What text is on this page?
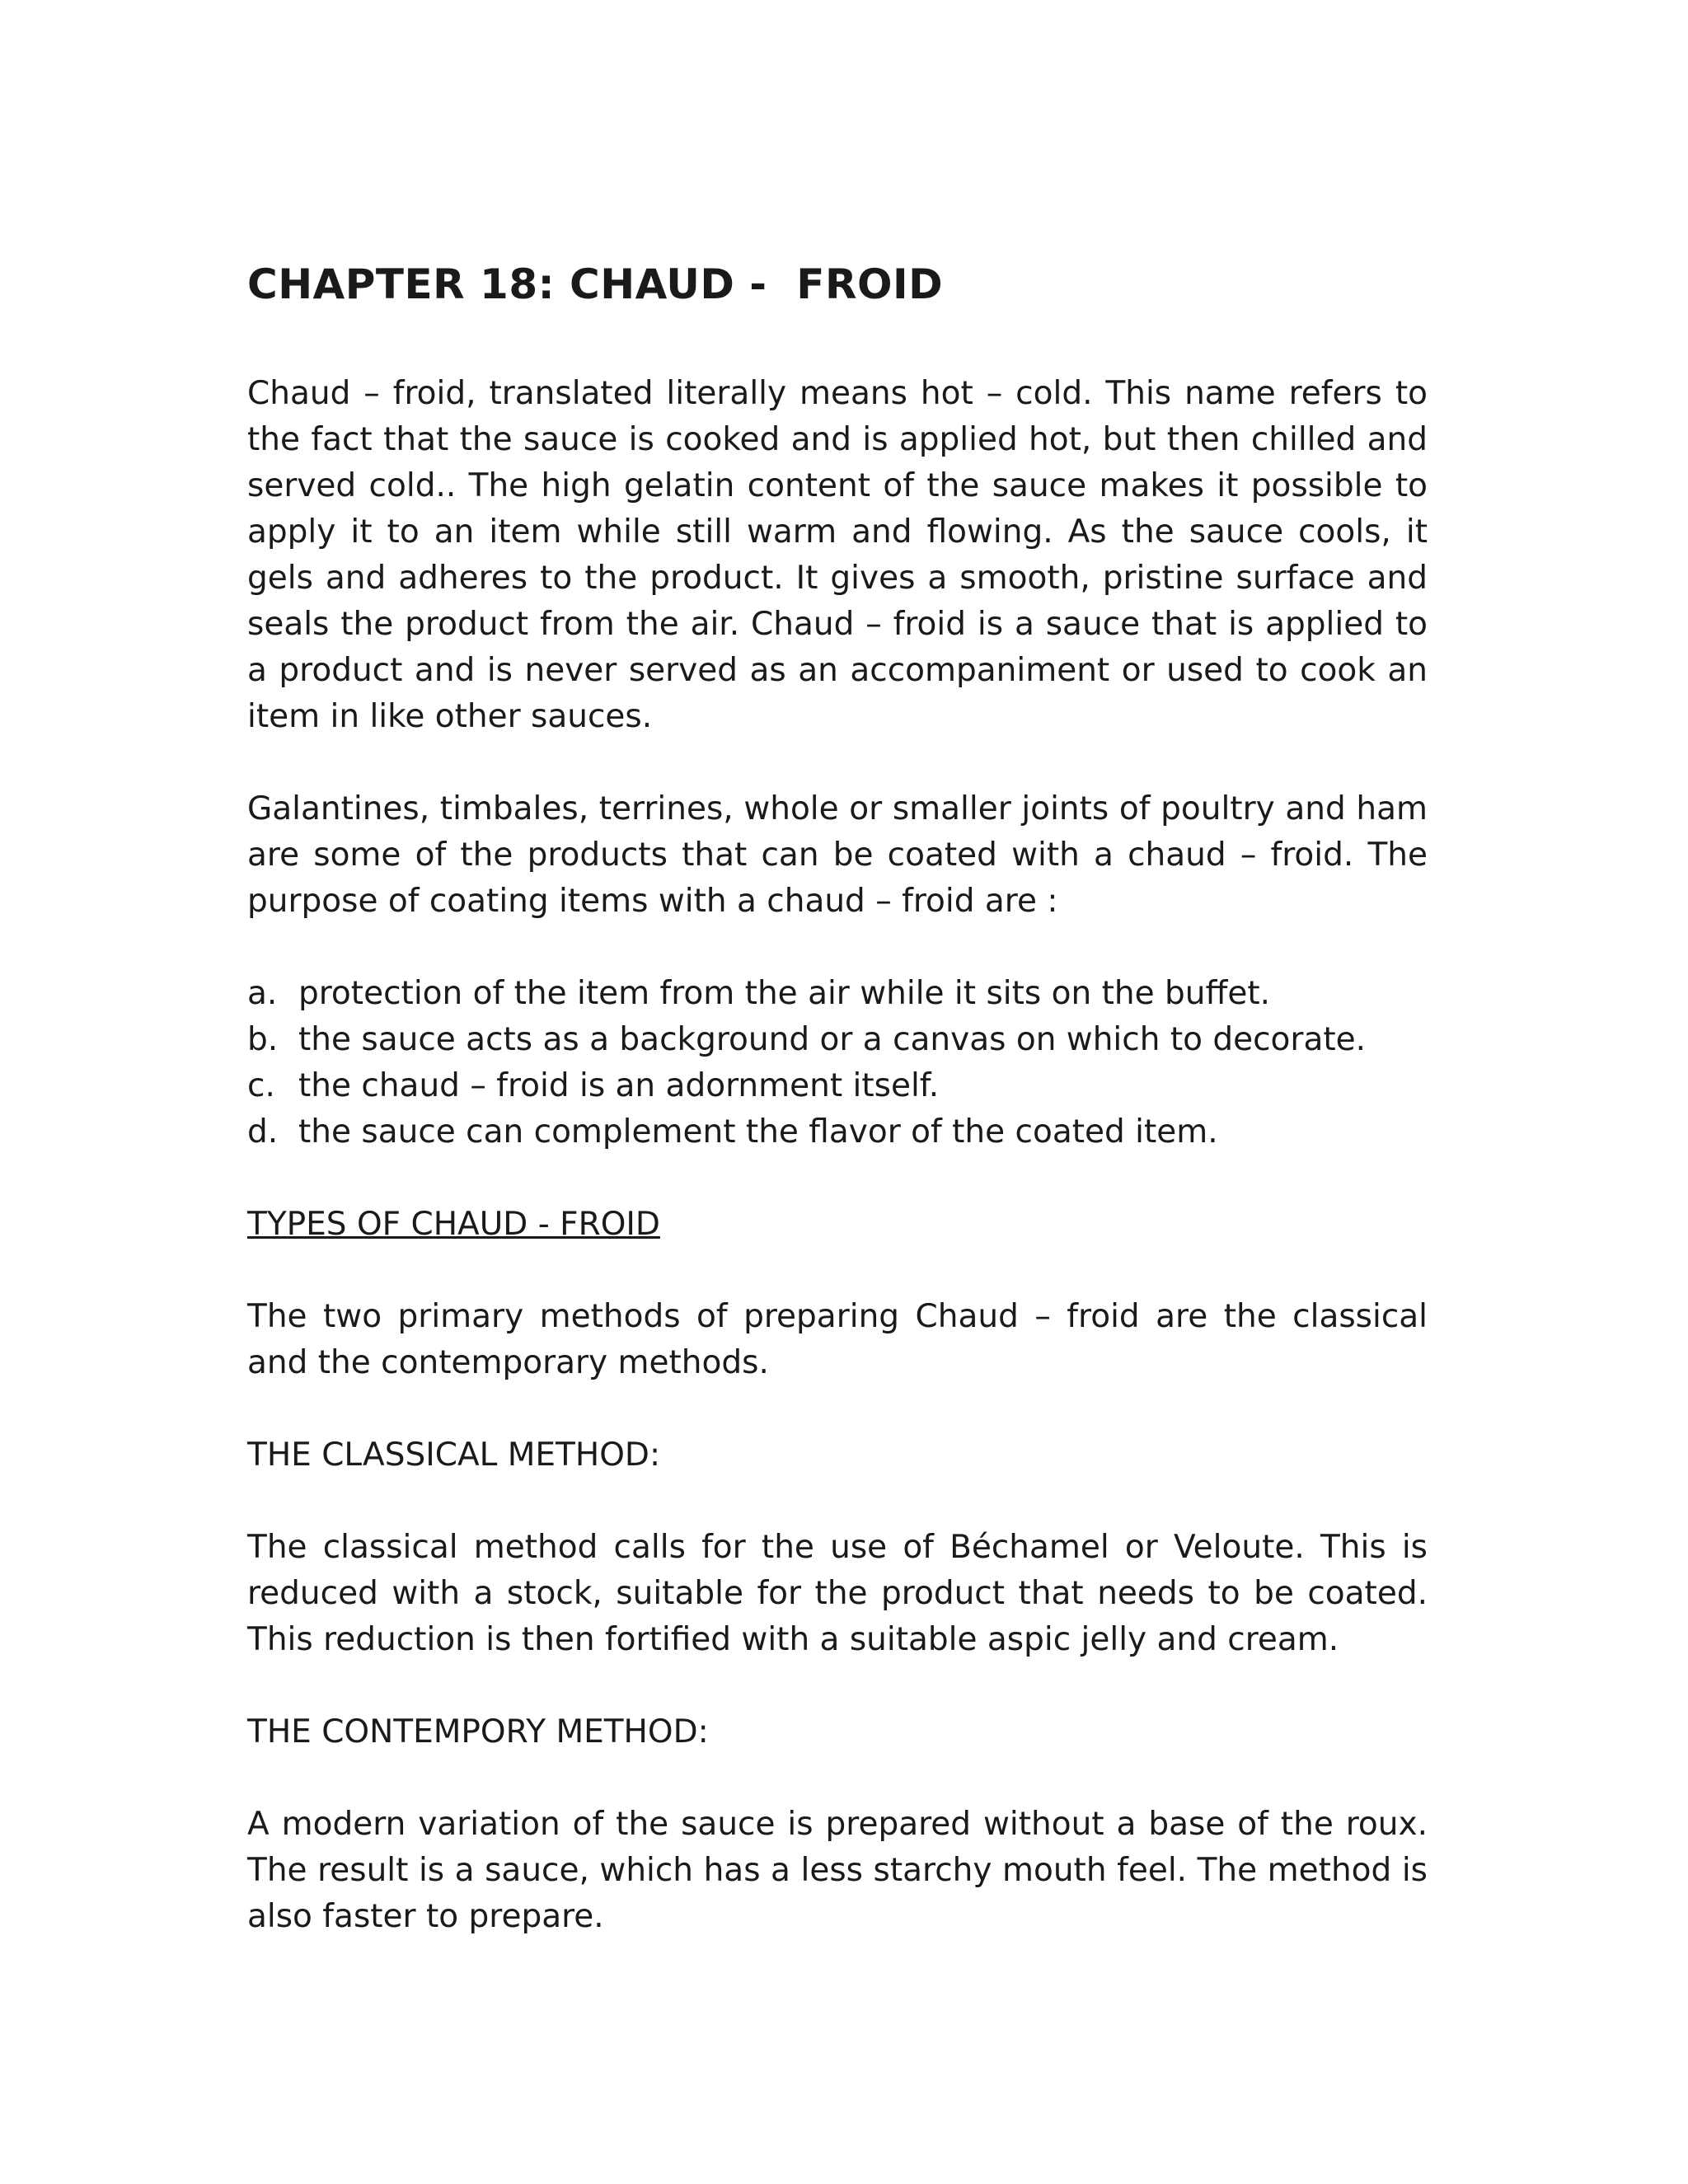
CHAPTER 18: CHAUD -  FROID

Chaud – froid, translated literally means hot – cold. This name refers to the fact that the sauce is cooked and is applied hot, but then chilled and served cold.. The high gelatin content of the sauce makes it possible to apply it to an item while still warm and flowing. As the sauce cools, it gels and adheres to the product. It gives a smooth, pristine surface and seals the product from the air. Chaud – froid is a sauce that is applied to a product and is never served as an accompaniment or used to cook an item in like other sauces.

Galantines, timbales, terrines, whole or smaller joints of poultry and ham are some of the products that can be coated with a chaud – froid. The purpose of coating items with a chaud – froid are :

a. protection of the item from the air while it sits on the buffet.
b. the sauce acts as a background or a canvas on which to decorate.
c. the chaud – froid is an adornment itself.
d. the sauce can complement the flavor of the coated item.

TYPES OF CHAUD - FROID

The two primary methods of preparing Chaud – froid are the classical and the contemporary methods.

THE CLASSICAL METHOD:

The classical method calls for the use of Béchamel or Veloute. This is reduced with a stock, suitable for the product that needs to be coated. This reduction is then fortified with a suitable aspic jelly and cream.

THE CONTEMPORY METHOD:

A modern variation of the sauce is prepared without a base of the roux. The result is a sauce, which has a less starchy mouth feel. The method is also faster to prepare.
